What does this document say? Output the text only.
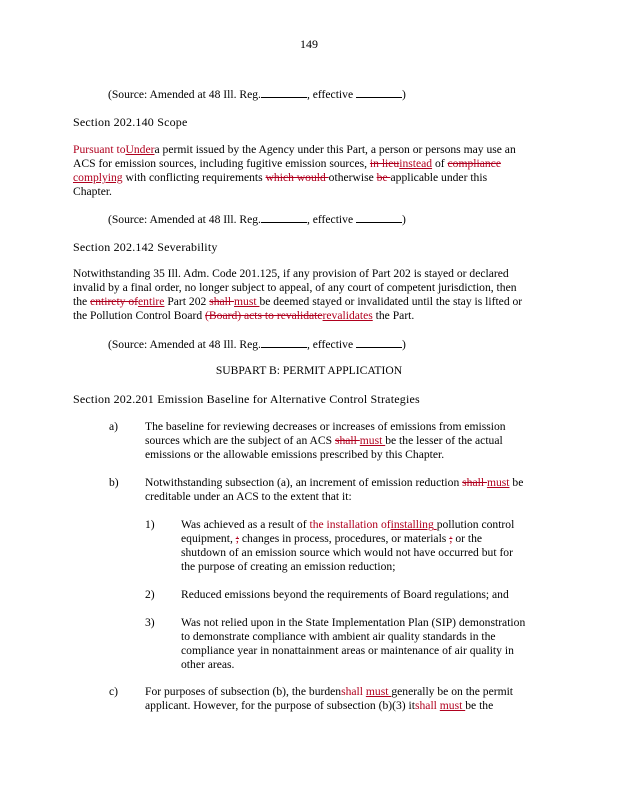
149
(Source: Amended at 48 Ill. Reg.	, effective	)
Section 202.140 Scope
Pursuant toUndera permit issued by the Agency under this Part, a person or persons may use an
ACS for emission sources, including fugitive emission sources, in lieuinstead of compliance
complying with conflicting requirements which would otherwise be applicable under this
Chapter.
(Source: Amended at 48 Ill. Reg.	, effective	)
Section 202.142 Severability
Notwithstanding 35 Ill. Adm. Code 201.125, if any provision of Part 202 is stayed or declared
invalid by a final order, no longer subject to appeal, of any court of competent jurisdiction, then
the entirety ofentire Part 202 shall must be deemed stayed or invalidated until the stay is lifted or
the Pollution Control Board (Board) acts to revalidaterevalidates the Part.
(Source: Amended at 48 Ill. Reg.	, effective	)
SUBPART B: PERMIT APPLICATION
Section 202.201 Emission Baseline for Alternative Control Strategies
a) The baseline for reviewing decreases or increases of emissions from emission
sources which are the subject of an ACS shall must be the lesser of the actual
emissions or the allowable emissions prescribed by this Chapter.
b) Notwithstanding subsection (a), an increment of emission reduction shall must be
creditable under an ACS to the extent that it:
1) Was achieved as a result of the installation ofinstalling pollution control
equipment, ; changes in process, procedures, or materials ; or the
shutdown of an emission source which would not have occurred but for
the purpose of creating an emission reduction;
2) Reduced emissions beyond the requirements of Board regulations; and
3) Was not relied upon in the State Implementation Plan (SIP) demonstration
to demonstrate compliance with ambient air quality standards in the
compliance year in nonattainment areas or maintenance of air quality in
other areas.
c) For purposes of subsection (b), the burdenshall must generally be on the permit
applicant. However, for the purpose of subsection (b)(3) itshall must be the
